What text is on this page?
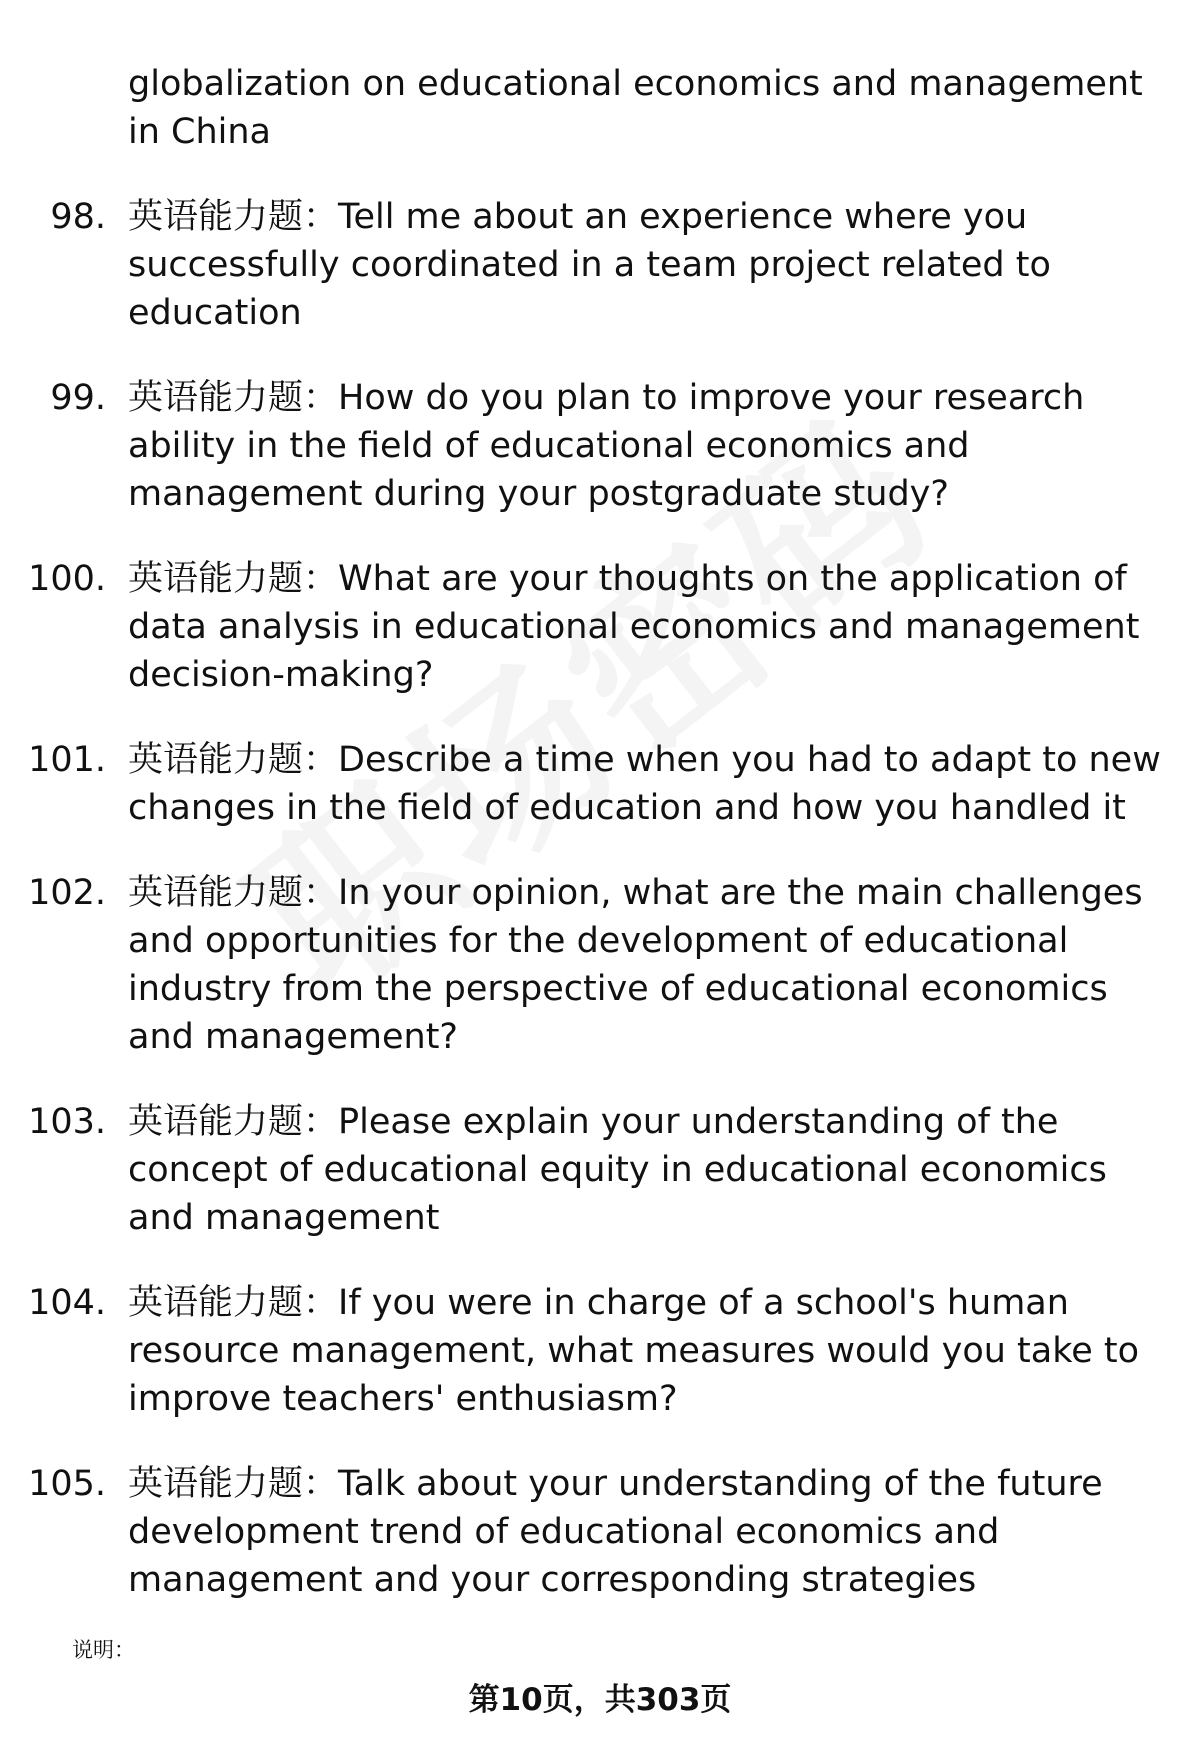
globalization on educational economics and management in China
98. 英语能力题：Tell me about an experience where you successfully coordinated in a team project related to education
99. 英语能力题：How do you plan to improve your research ability in the field of educational economics and management during your postgraduate study?
100. 英语能力题：What are your thoughts on the application of data analysis in educational economics and management decision-making?
101. 英语能力题：Describe a time when you had to adapt to new changes in the field of education and how you handled it
102. 英语能力题：In your opinion, what are the main challenges and opportunities for the development of educational industry from the perspective of educational economics and management?
103. 英语能力题：Please explain your understanding of the concept of educational equity in educational economics and management
104. 英语能力题：If you were in charge of a school's human resource management, what measures would you take to improve teachers' enthusiasm?
105. 英语能力题：Talk about your understanding of the future development trend of educational economics and management and your corresponding strategies
说明：
第10页，共303页
